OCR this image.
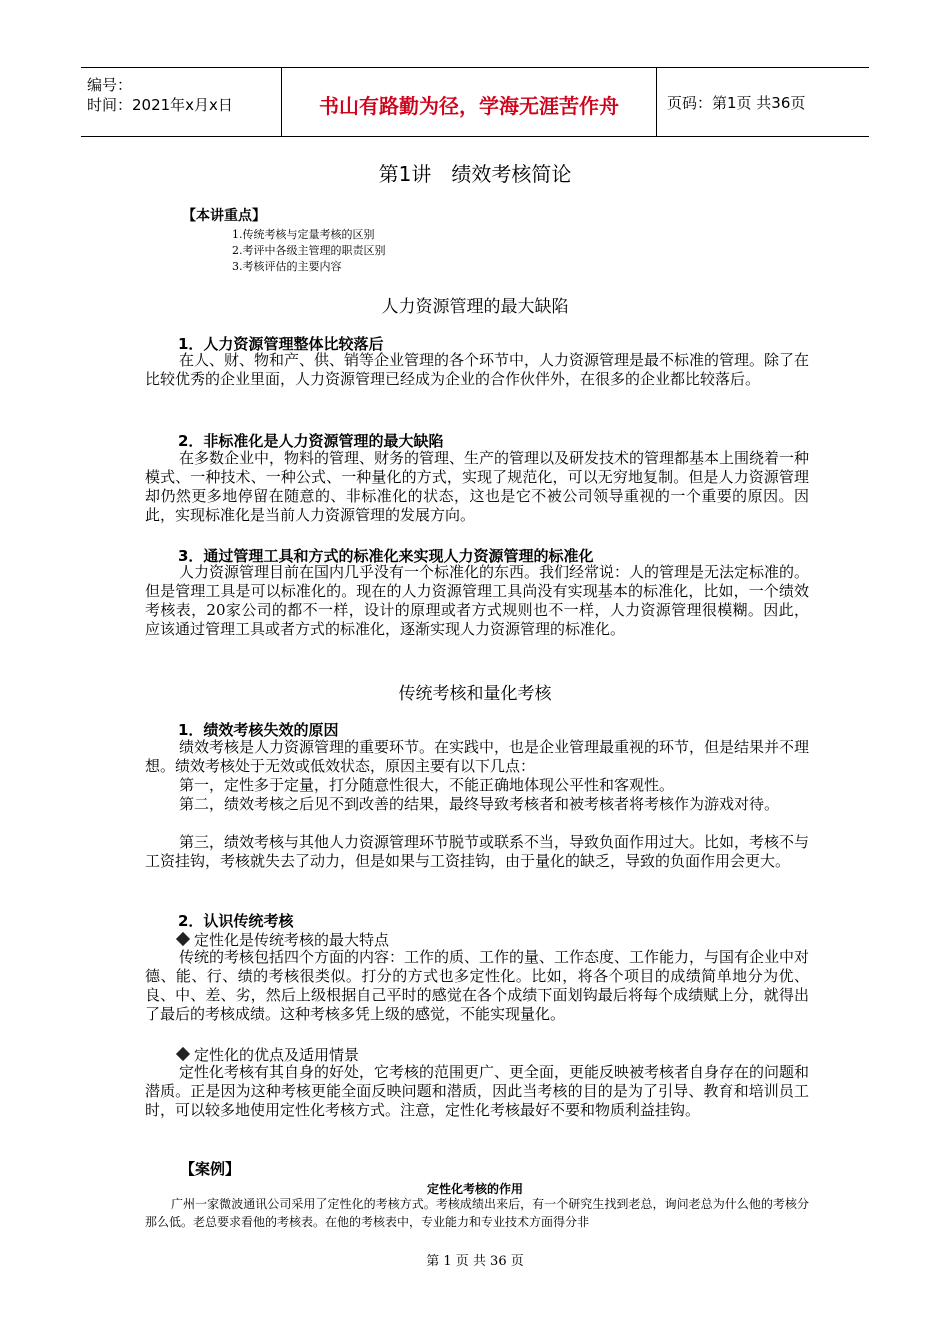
编号：
时间：2021年x月x日	书山有路勤为径，学海无涯苦作舟	页码：第1页 共36页
第1讲　绩效考核简论
【本讲重点】
1.传统考核与定量考核的区别
2.考评中各级主管理的职责区别
3.考核评估的主要内容
人力资源管理的最大缺陷
1．人力资源管理整体比较落后

在人、财、物和产、供、销等企业管理的各个环节中，人力资源管理是最不标准的管理。除了在比较优秀的企业里面，人力资源管理已经成为企业的合作伙伴外，在很多的企业都比较落后。

2．非标准化是人力资源管理的最大缺陷

在多数企业中，物料的管理、财务的管理、生产的管理以及研发技术的管理都基本上围绕着一种模式、一种技术、一种公式、一种量化的方式，实现了规范化，可以无穷地复制。但是人力资源管理却仍然更多地停留在随意的、非标准化的状态，这也是它不被公司领导重视的一个重要的原因。因此，实现标准化是当前人力资源管理的发展方向。

3．通过管理工具和方式的标准化来实现人力资源管理的标准化

人力资源管理目前在国内几乎没有一个标准化的东西。我们经常说：人的管理是无法定标准的。但是管理工具是可以标准化的。现在的人力资源管理工具尚没有实现基本的标准化，比如，一个绩效考核表，20家公司的都不一样，设计的原理或者方式规则也不一样，人力资源管理很模糊。因此，应该通过管理工具或者方式的标准化，逐渐实现人力资源管理的标准化。

传统考核和量化考核
1．绩效考核失效的原因

绩效考核是人力资源管理的重要环节。在实践中，也是企业管理最重视的环节，但是结果并不理想。绩效考核处于无效或低效状态，原因主要有以下几点：

第一，定性多于定量，打分随意性很大，不能正确地体现公平性和客观性。

第二，绩效考核之后见不到改善的结果，最终导致考核者和被考核者将考核作为游戏对待。

第三，绩效考核与其他人力资源管理环节脱节或联系不当，导致负面作用过大。比如，考核不与工资挂钩，考核就失去了动力，但是如果与工资挂钩，由于量化的缺乏，导致的负面作用会更大。

2．认识传统考核
定性化是传统考核的最大特点

传统的考核包括四个方面的内容：工作的质、工作的量、工作态度、工作能力，与国有企业中对德、能、行、绩的考核很类似。打分的方式也多定性化。比如，将各个项目的成绩简单地分为优、良、中、差、劣，然后上级根据自己平时的感觉在各个成绩下面划钩最后将每个成绩赋上分，就得出了最后的考核成绩。这种考核多凭上级的感觉，不能实现量化。

定性化的优点及适用情景

定性化考核有其自身的好处，它考核的范围更广、更全面，更能反映被考核者自身存在的问题和潜质。正是因为这种考核更能全面反映问题和潜质，因此当考核的目的是为了引导、教育和培训员工时，可以较多地使用定性化考核方式。注意，定性化考核最好不要和物质利益挂钩。

【案例】
定性化考核的作用

广州一家微波通讯公司采用了定性化的考核方式。考核成绩出来后，有一个研究生找到老总，询问老总为什么他的考核分那么低。老总要求看他的考核表。在他的考核表中，专业能力和专业技术方面得分非

第 1 页 共 36 页
